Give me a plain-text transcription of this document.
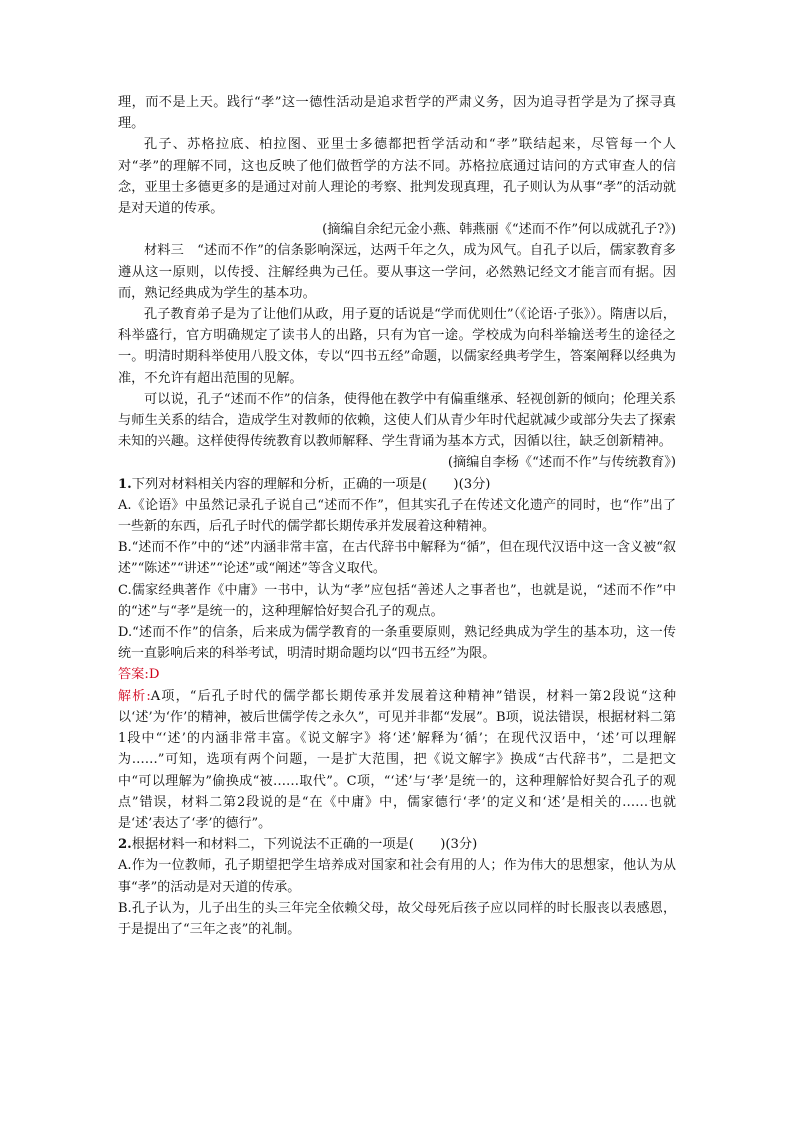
理，而不是上天。践行“孝”这一德性活动是追求哲学的严肃义务，因为追寻哲学是为了探寻真理。

孔子、苏格拉底、柏拉图、亚里士多德都把哲学活动和“孝”联结起来，尽管每一个人对“孝”的理解不同，这也反映了他们做哲学的方法不同。苏格拉底通过诘问的方式审查人的信念，亚里士多德更多的是通过对前人理论的考察、批判发现真理，孔子则认为从事“孝”的活动就是对天道的传承。

(摘编自余纪元金小燕、韩燕丽《“述而不作”何以成就孔子?》)

材料三　“述而不作”的信条影响深远，达两千年之久，成为风气。自孔子以后，儒家教育多遵从这一原则，以传授、注解经典为己任。要从事这一学问，必然熟记经文才能言而有据。因而，熟记经典成为学生的基本功。

孔子教育弟子是为了让他们从政，用子夏的话说是“学而优则仕”（《论语·子张》）。隋唐以后，科举盛行，官方明确规定了读书人的出路，只有为官一途。学校成为向科举输送考生的途径之一。明清时期科举使用八股文体，专以“四书五经”命题，以儒家经典考学生，答案阐释以经典为准，不允许有超出范围的见解。

可以说，孔子“述而不作”的信条，使得他在教学中有偏重继承、轻视创新的倾向；伦理关系与师生关系的结合，造成学生对教师的依赖，这使人们从青少年时代起就减少或部分失去了探索未知的兴趣。这样使得传统教育以教师解释、学生背诵为基本方式，因循以往，缺乏创新精神。

(摘编自李杨《“述而不作”与传统教育》)

1.下列对材料相关内容的理解和分析，正确的一项是(　　)(3分)

A.《论语》中虽然记录孔子说自己“述而不作”，但其实孔子在传述文化遗产的同时，也“作”出了一些新的东西，后孔子时代的儒学都长期传承并发展着这种精神。

B.“述而不作”中的“述”内涵非常丰富，在古代辞书中解释为“循”，但在现代汉语中这一含义被“叙述”“陈述”“讲述”“论述”或“阐述”等含义取代。

C.儒家经典著作《中庸》一书中，认为“孝”应包括“善述人之事者也”，也就是说，“述而不作”中的“述”与“孝”是统一的，这种理解恰好契合孔子的观点。

D.“述而不作”的信条，后来成为儒学教育的一条重要原则，熟记经典成为学生的基本功，这一传统一直影响后来的科举考试，明清时期命题均以“四书五经”为限。

答案:D

解析:A项，“后孔子时代的儒学都长期传承并发展着这种精神”错误，材料一第2段说“这种以‘述’为‘作’的精神，被后世儒学传之永久”，可见并非都“发展”。B项，说法错误，根据材料二第1段中“‘述’的内涵非常丰富。《说文解字》将‘述’解释为‘循’；在现代汉语中，‘述’可以理解为……”可知，选项有两个问题，一是扩大范围，把《说文解字》换成“古代辞书”，二是把文中“可以理解为”偷换成“被……取代”。C项，“‘述’与‘孝’是统一的，这种理解恰好契合孔子的观点”错误，材料二第2段说的是“在《中庸》中，儒家德行‘孝’的定义和‘述’是相关的……也就是‘述’表达了‘孝’的德行”。

2.根据材料一和材料二，下列说法不正确的一项是(　　)(3分)

A.作为一位教师，孔子期望把学生培养成对国家和社会有用的人；作为伟大的思想家，他认为从事“孝”的活动是对天道的传承。

B.孔子认为，儿子出生的头三年完全依赖父母，故父母死后孩子应以同样的时长服丧以表感恩，于是提出了“三年之丧”的礼制。
